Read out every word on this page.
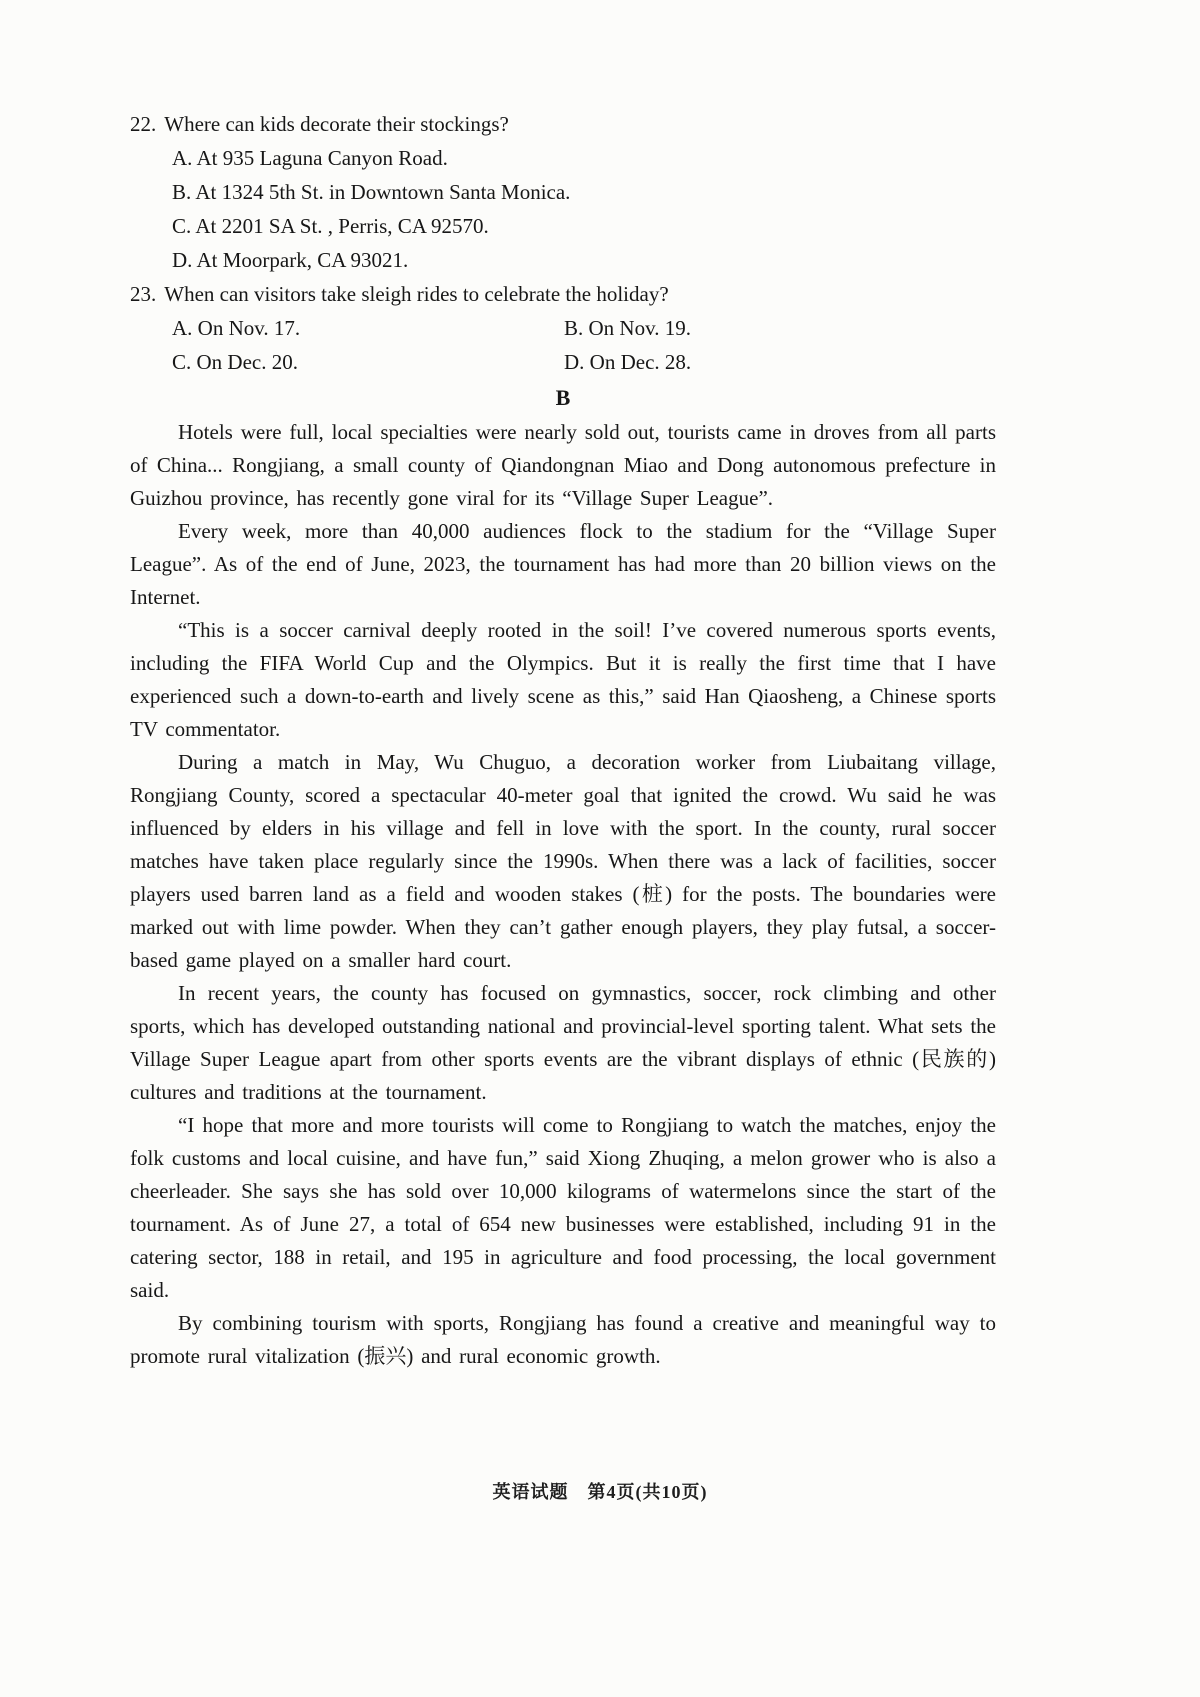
22. Where can kids decorate their stockings?
A. At 935 Laguna Canyon Road.
B. At 1324 5th St. in Downtown Santa Monica.
C. At 2201 SA St. , Perris, CA 92570.
D. At Moorpark, CA 93021.
23. When can visitors take sleigh rides to celebrate the holiday?
A. On Nov. 17.	B. On Nov. 19.
C. On Dec. 20.	D. On Dec. 28.
B

Hotels were full, local specialties were nearly sold out, tourists came in droves from all parts of China... Rongjiang, a small county of Qiandongnan Miao and Dong autonomous prefecture in Guizhou province, has recently gone viral for its “Village Super League”.

Every week, more than 40,000 audiences flock to the stadium for the “Village Super League”. As of the end of June, 2023, the tournament has had more than 20 billion views on the Internet.

“This is a soccer carnival deeply rooted in the soil! I’ve covered numerous sports events, including the FIFA World Cup and the Olympics. But it is really the first time that I have experienced such a down-to-earth and lively scene as this,” said Han Qiaosheng, a Chinese sports TV commentator.

During a match in May, Wu Chuguo, a decoration worker from Liubaitang village, Rongjiang County, scored a spectacular 40-meter goal that ignited the crowd. Wu said he was influenced by elders in his village and fell in love with the sport. In the county, rural soccer matches have taken place regularly since the 1990s. When there was a lack of facilities, soccer players used barren land as a field and wooden stakes (桩) for the posts. The boundaries were marked out with lime powder. When they can’t gather enough players, they play futsal, a soccer-based game played on a smaller hard court.

In recent years, the county has focused on gymnastics, soccer, rock climbing and other sports, which has developed outstanding national and provincial-level sporting talent. What sets the Village Super League apart from other sports events are the vibrant displays of ethnic (民族的) cultures and traditions at the tournament.

“I hope that more and more tourists will come to Rongjiang to watch the matches, enjoy the folk customs and local cuisine, and have fun,” said Xiong Zhuqing, a melon grower who is also a cheerleader. She says she has sold over 10,000 kilograms of watermelons since the start of the tournament. As of June 27, a total of 654 new businesses were established, including 91 in the catering sector, 188 in retail, and 195 in agriculture and food processing, the local government said.

By combining tourism with sports, Rongjiang has found a creative and meaningful way to promote rural vitalization (振兴) and rural economic growth.

英语试题　第4页(共10页)
